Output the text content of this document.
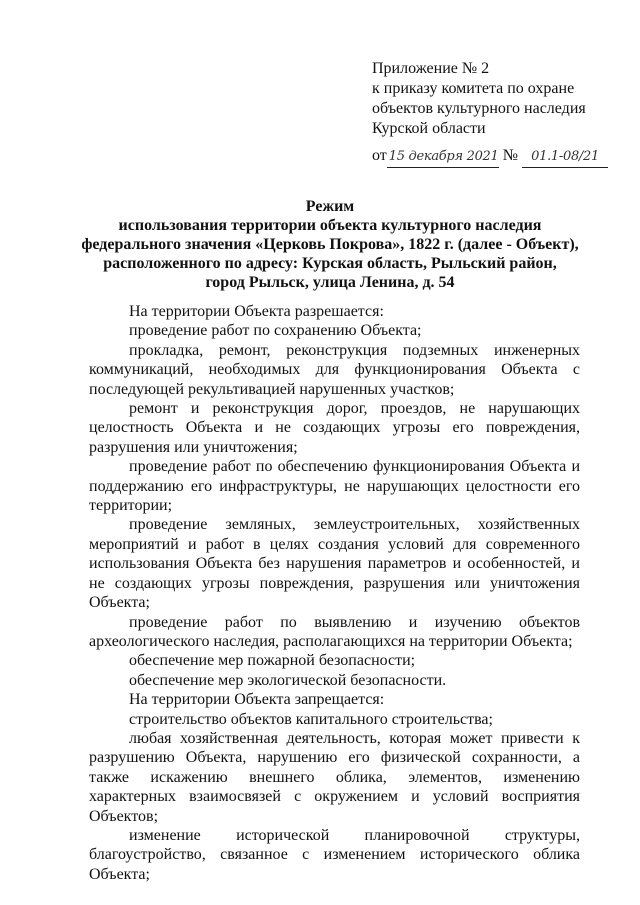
Приложение № 2
к приказу комитета по охране
объектов культурного наследия
Курской области
от 15 декабря 2021 № 01.1-08/21
Режим
использования территории объекта культурного наследия
федерального значения «Церковь Покрова», 1822 г. (далее - Объект),
расположенного по адресу: Курская область, Рыльский район,
город Рыльск, улица Ленина, д. 54

На территории Объекта разрешается:

проведение работ по сохранению Объекта;

прокладка, ремонт, реконструкция подземных инженерных коммуникаций, необходимых для функционирования Объекта с последующей рекультивацией нарушенных участков;

ремонт и реконструкция дорог, проездов, не нарушающих целостность Объекта и не создающих угрозы его повреждения, разрушения или уничтожения;

проведение работ по обеспечению функционирования Объекта и поддержанию его инфраструктуры, не нарушающих целостности его территории;

проведение земляных, землеустроительных, хозяйственных мероприятий и работ в целях создания условий для современного использования Объекта без нарушения параметров и особенностей, и не создающих угрозы повреждения, разрушения или уничтожения Объекта;

проведение работ по выявлению и изучению объектов археологического наследия, располагающихся на территории Объекта;

обеспечение мер пожарной безопасности;

обеспечение мер экологической безопасности.

На территории Объекта запрещается:

строительство объектов капитального строительства;

любая хозяйственная деятельность, которая может привести к разрушению Объекта, нарушению его физической сохранности, а также искажению внешнего облика, элементов, изменению характерных взаимосвязей с окружением и условий восприятия Объектов;

изменение исторической планировочной структуры, благоустройство, связанное с изменением исторического облика Объекта;
